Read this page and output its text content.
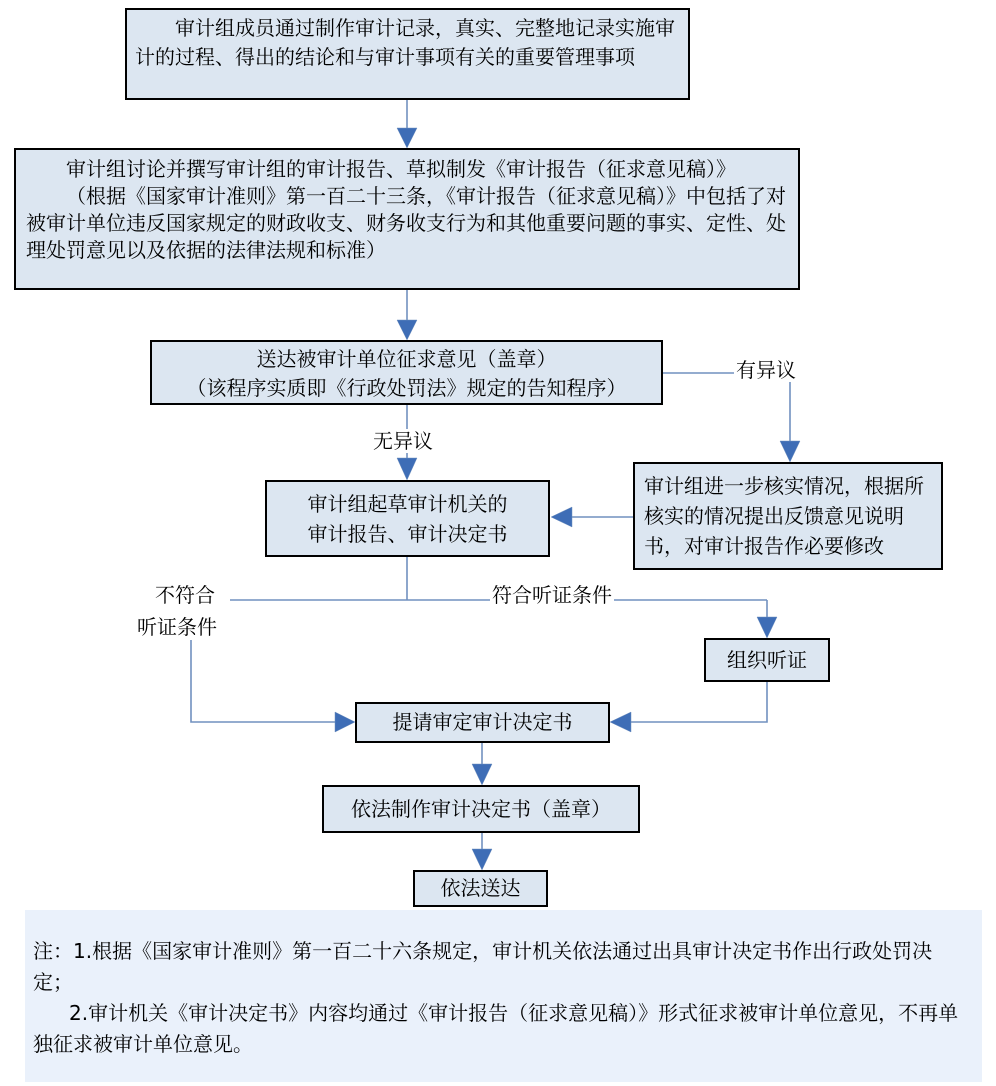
审计组成员通过制作审计记录，真实、完整地记录实施审计的过程、得出的结论和与审计事项有关的重要管理事项

审计组讨论并撰写审计组的审计报告、草拟制发《审计报告（征求意见稿）》

（根据《国家审计准则》第一百二十三条，《审计报告（征求意见稿）》中包括了对被审计单位违反国家规定的财政收支、财务收支行为和其他重要问题的事实、定性、处理处罚意见以及依据的法律法规和标准）

送达被审计单位征求意见（盖章）

（该程序实质即《行政处罚法》规定的告知程序）

审计组进一步核实情况，根据所核实的情况提出反馈意见说明书，对审计报告作必要修改

审计组起草审计机关的

审计报告、审计决定书

组织听证
提请审定审计决定书
依法制作审计决定书（盖章）
依法送达
有异议
无异议
不符合
听证条件
符合听证条件

注：1.根据《国家审计准则》第一百二十六条规定，审计机关依法通过出具审计决定书作出行政处罚决定；

2.审计机关《审计决定书》内容均通过《审计报告（征求意见稿）》形式征求被审计单位意见，不再单独征求被审计单位意见。
